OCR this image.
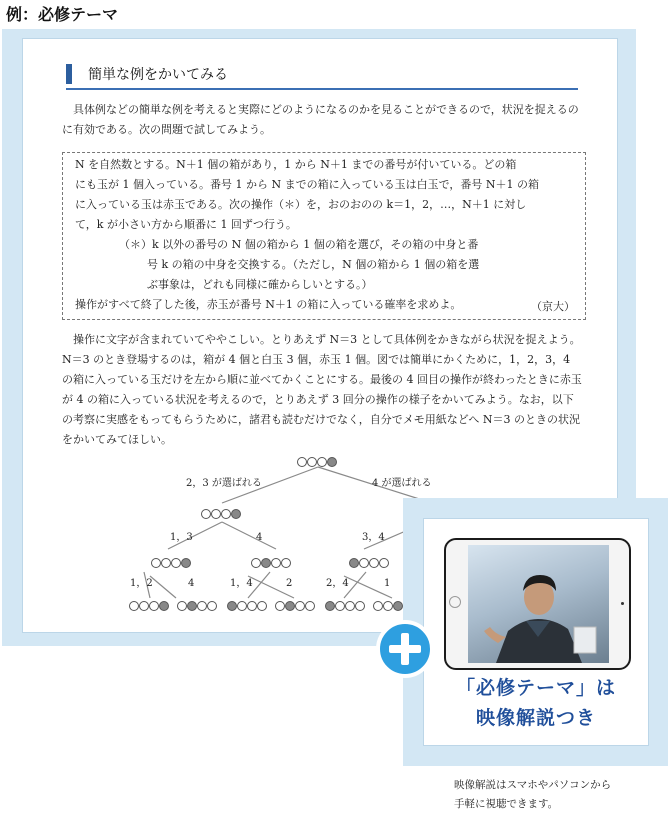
例：必修テーマ
簡単な例をかいてみる

具体例などの簡単な例を考えると実際にどのようになるのかを見ることができるので，状況を捉えるのに有効である。次の問題で試してみよう。

N を自然数とする。N＋1 個の箱があり，1 から N＋1 までの番号が付いている。どの箱
にも玉が 1 個入っている。番号 1 から N までの箱に入っている玉は白玉で，番号 N＋1 の箱
に入っている玉は赤玉である。次の操作（＊）を，おのおのの k＝1，2，…，N＋1 に対し
て，k が小さい方から順番に 1 回ずつ行う。
（＊）k 以外の番号の N 個の箱から 1 個の箱を選び，その箱の中身と番
号 k の箱の中身を交換する。（ただし，N 個の箱から 1 個の箱を選
ぶ事象は，どれも同様に確からしいとする。）
操作がすべて終了した後，赤玉が番号 N＋1 の箱に入っている確率を求めよ。	（京大）

操作に文字が含まれていてややこしい。とりあえず N＝3 として具体例をかきながら状況を捉えよう。N＝3 のとき登場するのは，箱が 4 個と白玉 3 個，赤玉 1 個。図では簡単にかくために，1，2，3，4 の箱に入っている玉だけを左から順に並べてかくことにする。最後の 4 回目の操作が終わったときに赤玉が 4 の箱に入っている状況を考えるので，とりあえず 3 回分の操作の様子をかいてみよう。なお，以下の考察に実感をもってもらうために，諸君も読むだけでなく，自分でメモ用紙などへ N＝3 のときの状況をかいてみてほしい。

2，3 が選ばれる	4 が選ばれる
1，3	4	3，4
1，2	4	1，4	2	2，4	1
「必修テーマ」は
映像解説つき
映像解説はスマホやパソコンから
手軽に視聴できます。
